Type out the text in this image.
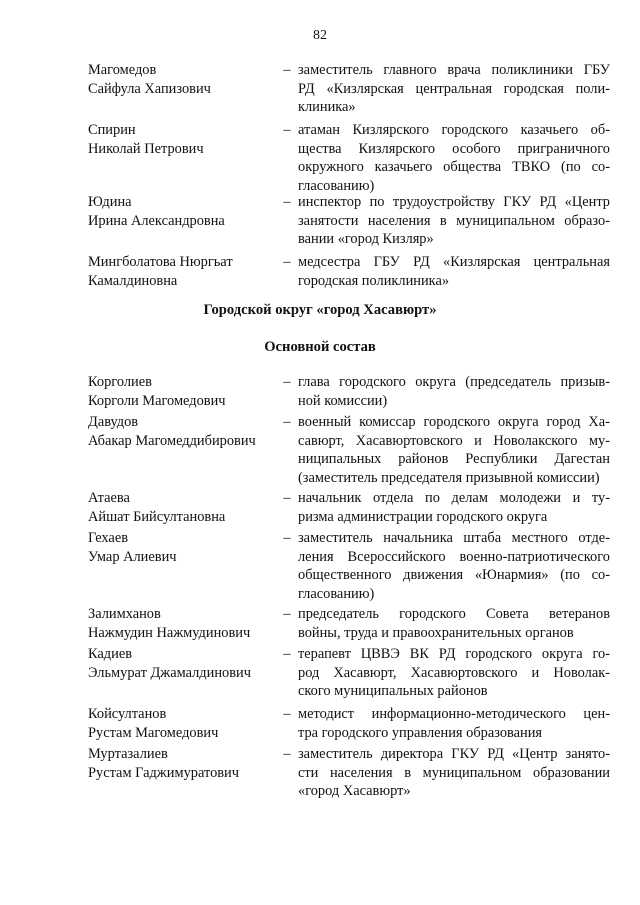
82
Магомедов
Сайфула Хапизович
– заместитель главного врача поликлиники ГБУ
РД «Кизлярская центральная городская поли-
клиника»
Спирин
Николай Петрович
– атаман Кизлярского городского казачьего об-
щества Кизлярского особого приграничного
окружного казачьего общества ТВКО (по со-
гласованию)
Юдина
Ирина Александровна
– инспектор по трудоустройству ГКУ РД «Центр
занятости населения в муниципальном образо-
вании «город Кизляр»
Мингболатова Нюргьат
Камалдиновна
– медсестра ГБУ РД «Кизлярская центральная
городская поликлиника»
Городской округ «город Хасавюрт»
Основной состав
Корголиев
Корголи Магомедович
– глава городского округа (председатель призыв-
ной комиссии)
Давудов
Абакар Магомеддибирович
– военный комиссар городского округа город Ха-
савюрт, Хасавюртовского и Новолакского му-
ниципальных районов Республики Дагестан
(заместитель председателя призывной комиссии)
Атаева
Айшат Бийсултановна
– начальник отдела по делам молодежи и ту-
ризма администрации городского округа
Гехаев
Умар Алиевич
– заместитель начальника штаба местного отде-
ления Всероссийского военно-патриотического
общественного движения «Юнармия» (по со-
гласованию)
Залимханов
Нажмудин Нажмудинович
– председатель городского Совета ветеранов
войны, труда и правоохранительных органов
Кадиев
Эльмурат Джамалдинович
– терапевт ЦВВЭ ВК РД городского округа го-
род Хасавюрт, Хасавюртовского и Новолак-
ского муниципальных районов
Койсултанов
Рустам Магомедович
– методист информационно-методического цен-
тра городского управления образования
Муртазалиев
Рустам Гаджимуратович
– заместитель директора ГКУ РД «Центр занято-
сти населения в муниципальном образовании
«город Хасавюрт»
